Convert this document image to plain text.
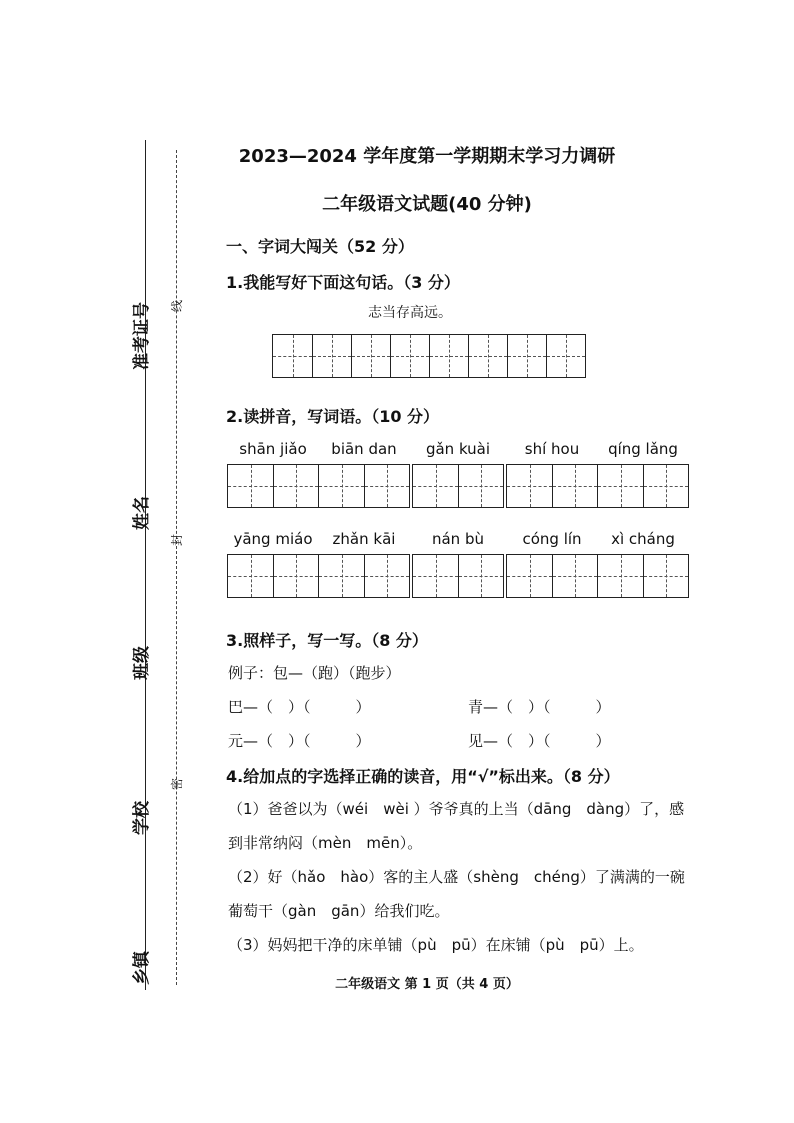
准考证号
姓名
班级
学校
乡镇
线
封
密
2023—2024 学年度第一学期期末学习力调研
二年级语文试题(40 分钟)
一、字词大闯关（52 分）
1.我能写好下面这句话。（3 分）
志当存高远。
2.读拼音，写词语。（10 分）
shān jiǎo	biān dan	gǎn kuài	shí hou	qíng lǎng
yāng miáo	zhǎn kāi	nán bù	cóng lín	xì cháng
3.照样子，写一写。（8 分）
例子：包—（跑）（跑步）
巴—（　）（　　　）	青—（　）（　　　）
元—（　）（　　　）	见—（　）（　　　）
4.给加点的字选择正确的读音，用“√”标出来。（8 分）
（1）爸爸以为（wéi　wèi ）爷爷真的上当（dāng　dàng）了，感
到非常纳闷（mèn　mēn）。
（2）好（hǎo　hào）客的主人盛（shèng　chéng）了满满的一碗
葡萄干（gàn　gān）给我们吃。
（3）妈妈把干净的床单铺（pù　pū）在床铺（pù　pū）上。
二年级语文 第 1 页（共 4 页）
